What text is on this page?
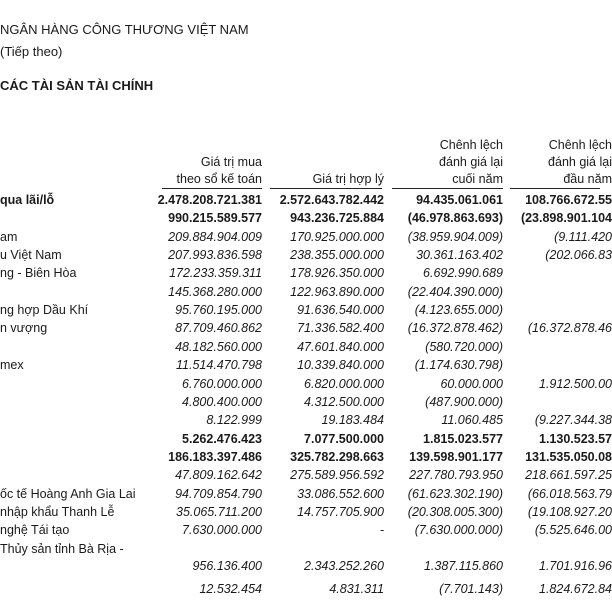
NGÂN HÀNG CÔNG THƯƠNG VIỆT NAM
(Tiếp theo)
CÁC TÀI SẢN TÀI CHÍNH
Giá trị mua
theo sổ kế toán	Giá trị hợp lý
Chênh lệch
đánh giá lại
cuối năm
Chênh lệch
đánh giá lại
đầu năm
qua lãi/lỗ	2.478.208.721.381 2.572.643.782.442	94.435.061.061 108.766.672.55
990.215.589.577 943.236.725.884 (46.978.863.693) (23.898.901.104
am	209.884.904.009 170.925.000.000 (38.959.904.009)	(9.111.420
u Việt Nam	207.993.836.598 238.355.000.000	30.361.163.402	(202.066.83
ng - Biên Hòa	172.233.359.311 178.926.350.000	6.692.990.689
145.368.280.000 122.963.890.000 (22.404.390.000)
ng hợp Dầu Khí	95.760.195.000	91.636.540.000 (4.123.655.000)
n vượng	87.709.460.862	71.336.582.400 (16.372.878.462) (16.372.878.46
48.182.560.000	47.601.840.000	(580.720.000)
mex	11.514.470.798	10.339.840.000 (1.174.630.798)
6.760.000.000	6.820.000.000	60.000.000	1.912.500.00
4.800.400.000	4.312.500.000	(487.900.000)
8.122.999	19.183.484	11.060.485	(9.227.344.38
5.262.476.423	7.077.500.000	1.815.023.577	1.130.523.57
186.183.397.486 325.782.298.663 139.598.901.177 131.535.050.08
47.809.162.642 275.589.956.592 227.780.793.950 218.661.597.25
ốc tế Hoàng Anh Gia Lai	94.709.854.790	33.086.552.600 (61.623.302.190) (66.018.563.79
nhập khẩu Thanh Lễ	35.065.711.200	14.757.705.900 (20.308.005.300) (19.108.927.20
nghệ Tái tạo	7.630.000.000	- (7.630.000.000)	(5.525.646.00
Thủy sản tỉnh Bà Rịa -
956.136.400	2.343.252.260	1.387.115.860	1.701.916.96
12.532.454	4.831.311	(7.701.143)	1.824.672.84
